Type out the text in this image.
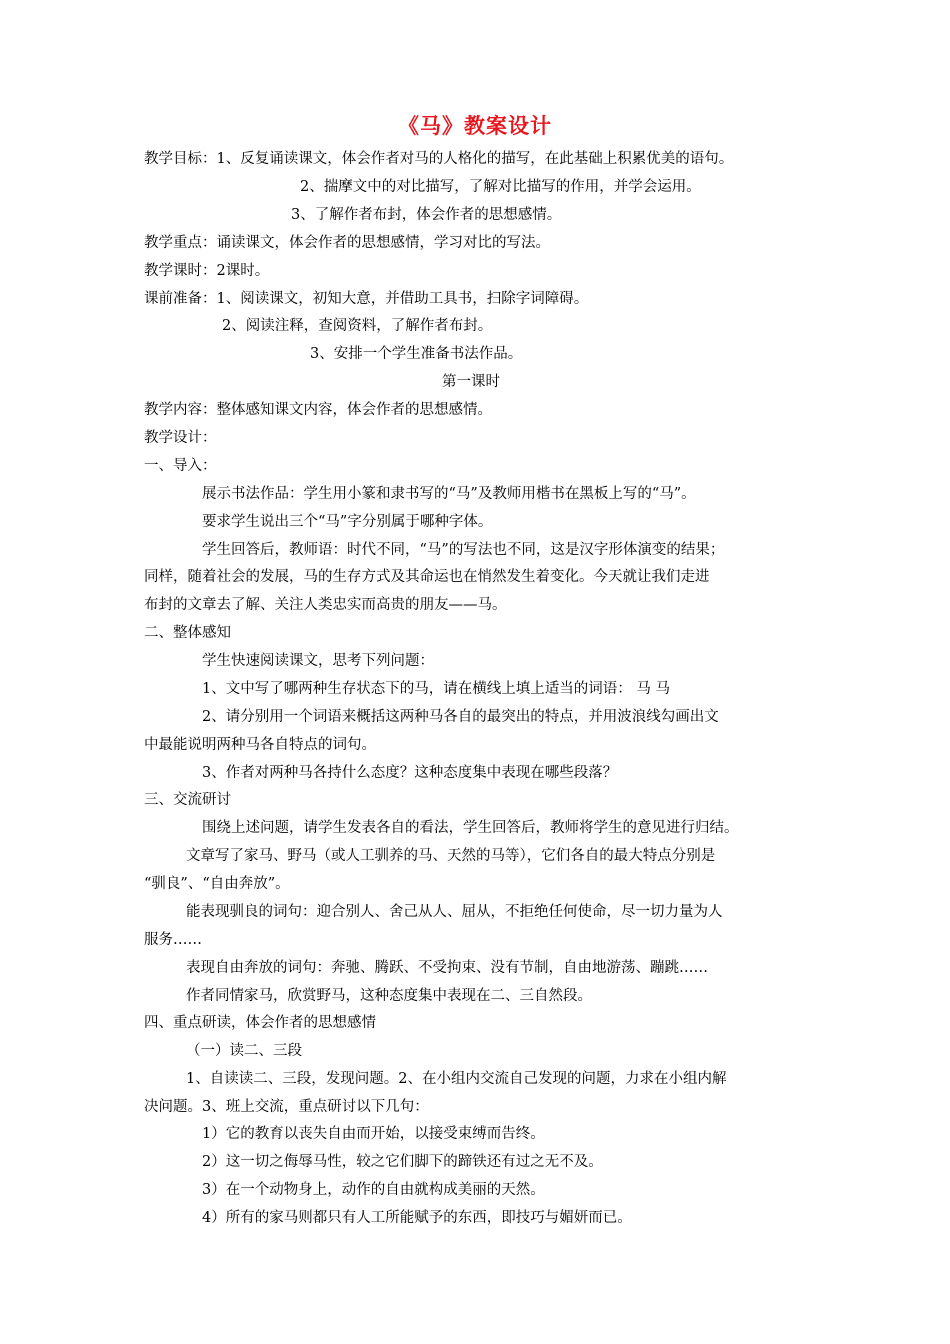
《马》教案设计
教学目标：1、反复诵读课文，体会作者对马的人格化的描写，在此基础上积累优美的语句。
2、揣摩文中的对比描写，了解对比描写的作用，并学会运用。
3、了解作者布封，体会作者的思想感情。
教学重点：诵读课文，体会作者的思想感情，学习对比的写法。
教学课时：2课时。
课前准备：1、阅读课文，初知大意，并借助工具书，扫除字词障碍。
2、阅读注释，查阅资料，了解作者布封。
3、安排一个学生准备书法作品。
第一课时
教学内容：整体感知课文内容，体会作者的思想感情。
教学设计：
一、导入：
展示书法作品：学生用小篆和隶书写的“马”及教师用楷书在黑板上写的“马”。
要求学生说出三个“马”字分别属于哪种字体。
学生回答后，教师语：时代不同，“马”的写法也不同，这是汉字形体演变的结果；
同样，随着社会的发展，马的生存方式及其命运也在悄然发生着变化。今天就让我们走进
布封的文章去了解、关注人类忠实而高贵的朋友——马。
二、整体感知
学生快速阅读课文，思考下列问题：
1、文中写了哪两种生存状态下的马，请在横线上填上适当的词语： 马 马
2、请分别用一个词语来概括这两种马各自的最突出的特点，并用波浪线勾画出文
中最能说明两种马各自特点的词句。
3、作者对两种马各持什么态度？这种态度集中表现在哪些段落？
三、交流研讨
围绕上述问题，请学生发表各自的看法，学生回答后，教师将学生的意见进行归结。
文章写了家马、野马（或人工驯养的马、天然的马等），它们各自的最大特点分别是
“驯良”、“自由奔放”。
能表现驯良的词句：迎合别人、舍己从人、屈从，不拒绝任何使命，尽一切力量为人
服务……
表现自由奔放的词句：奔驰、腾跃、不受拘束、没有节制，自由地游荡、蹦跳……
作者同情家马，欣赏野马，这种态度集中表现在二、三自然段。
四、重点研读，体会作者的思想感情
（一）读二、三段
1、自读读二、三段，发现问题。2、在小组内交流自己发现的问题，力求在小组内解
决问题。3、班上交流，重点研讨以下几句：
1）它的教育以丧失自由而开始，以接受束缚而告终。
2）这一切之侮辱马性，较之它们脚下的蹄铁还有过之无不及。
3）在一个动物身上，动作的自由就构成美丽的天然。
4）所有的家马则都只有人工所能赋予的东西，即技巧与媚妍而已。
